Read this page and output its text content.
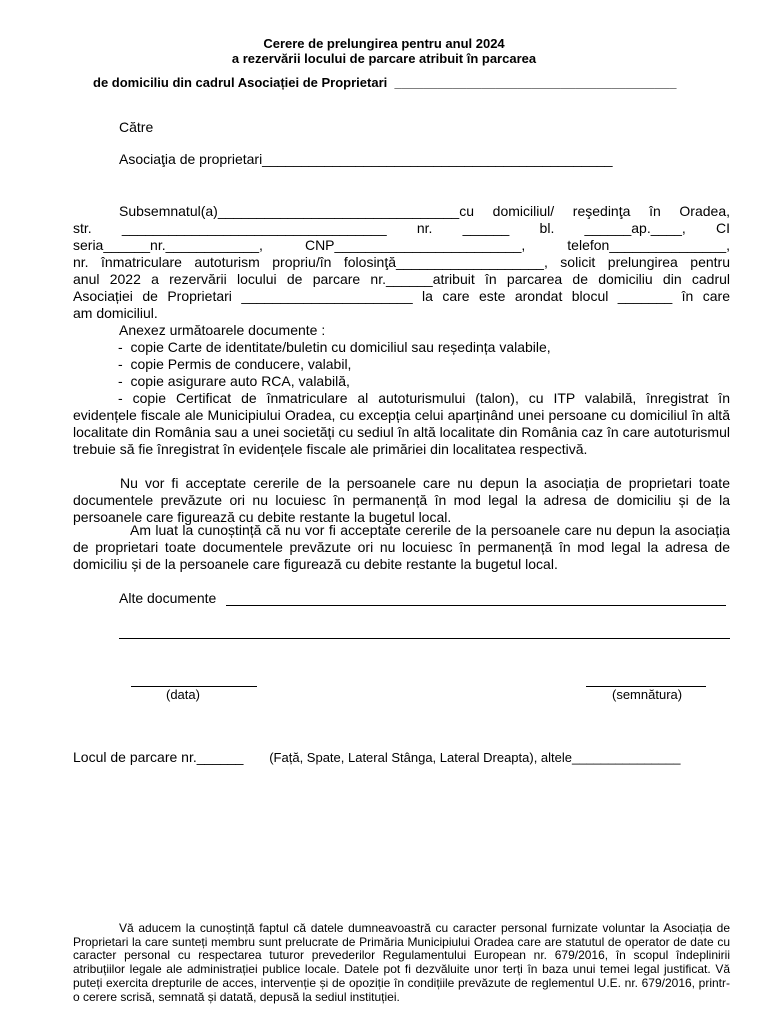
Cerere de prelungirea pentru anul 2024
a rezervării locului de parcare atribuit în parcarea
de domiciliu din cadrul Asociației de Proprietari  _______________________________________
Către
Asociaţia de proprietari_____________________________________________
Subsemnatul(a)_______________________________cu domiciliul/ reşedinţa în Oradea,
str. __________________________________ nr. ______ bl. ______ap.____, CI
seria______nr.____________, CNP________________________, telefon_______________,
nr. înmatriculare autoturism propriu/în folosinţă___________________, solicit prelungirea pentru
anul 2022 a rezervării locului de parcare nr.______atribuit în parcarea de domiciliu din cadrul
Asociației de Proprietari ______________________ la care este arondat blocul _______ în care
am domiciliul.
Anexez următoarele documente :
-  copie Carte de identitate/buletin cu domiciliul sau reședința valabile,
-  copie Permis de conducere, valabil,
-  copie asigurare auto RCA, valabilă,
- copie Certificat de înmatriculare al autoturismului (talon), cu ITP valabilă, înregistrat în
evidențele fiscale ale Municipiului Oradea, cu excepția celui aparținând unei persoane cu domiciliul în altă localitate din România sau a unei societăți cu sediul în altă localitate din România caz în care autoturismul trebuie să fie înregistrat în evidențele fiscale ale primăriei din localitatea respectivă.
Nu vor fi acceptate cererile de la persoanele care nu depun la asociația de proprietari toate documentele prevăzute ori nu locuiesc în permanență în mod legal la adresa de domiciliu și de la persoanele care figurează cu debite restante la bugetul local.
Am luat la cunoștință că nu vor fi acceptate cererile de la persoanele care nu depun la asociația de proprietari toate documentele prevăzute ori nu locuiesc în permanență în mod legal la adresa de domiciliu și de la persoanele care figurează cu debite restante la bugetul local.
Alte documente
(data)	(semnătura)
Locul de parcare nr.______ (Față, Spate, Lateral Stânga, Lateral Dreapta), altele_______________
Vă aducem la cunoștință faptul că datele dumneavoastră cu caracter personal furnizate voluntar la Asociația de Proprietari la care sunteți membru sunt prelucrate de Primăria Municipiului Oradea care are statutul de operator de date cu caracter personal cu respectarea tuturor prevederilor Regulamentului European nr. 679/2016, în scopul îndeplinirii atribuțiilor legale ale administrației publice locale. Datele pot fi dezvăluite unor terți în baza unui temei legal justificat. Vă puteți exercita drepturile de acces, intervenție și de opoziție în condițiile prevăzute de reglementul U.E. nr. 679/2016, printr-o cerere scrisă, semnată și datată, depusă la sediul instituției.
